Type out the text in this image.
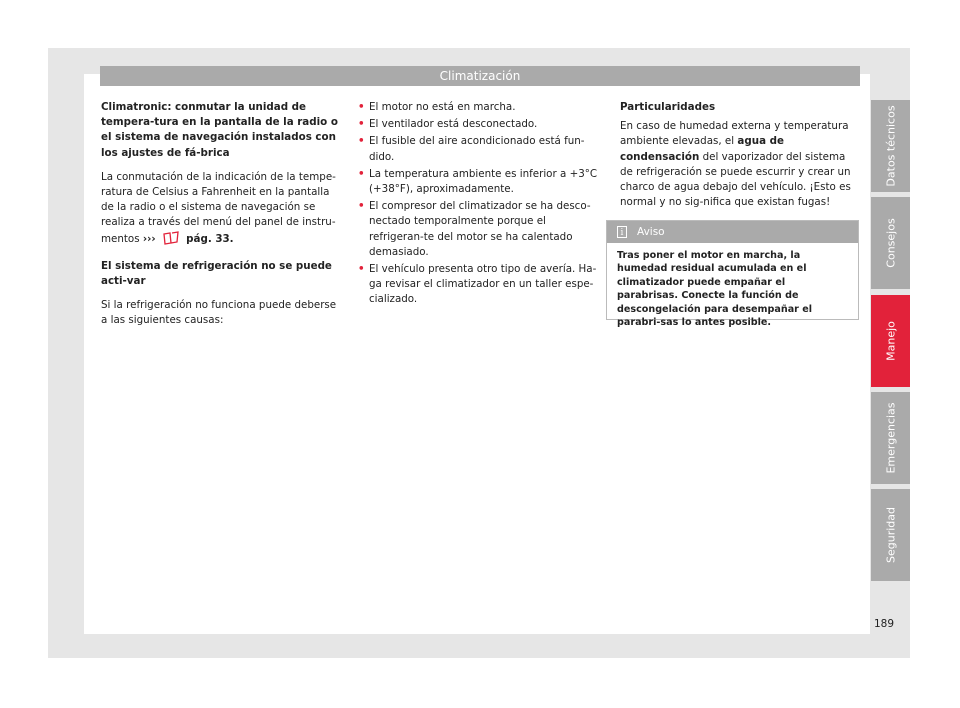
Climatización

Climatronic: conmutar la unidad de tempera-tura en la pantalla de la radio o el sistema de navegación instalados con los ajustes de fá-brica

La conmutación de la indicación de la tempe-ratura de Celsius a Fahrenheit en la pantalla de la radio o el sistema de navegación se realiza a través del menú del panel de instru-mentos ›››	pág. 33.

El sistema de refrigeración no se puede acti-var

Si la refrigeración no funciona puede deberse a las siguientes causas:

• El motor no está en marcha.
• El ventilador está desconectado.
• El fusible del aire acondicionado está fun-dido.
• La temperatura ambiente es inferior a +3°C (+38°F), aproximadamente.
• El compresor del climatizador se ha desco-nectado temporalmente porque el refrigeran-te del motor se ha calentado demasiado.
• El vehículo presenta otro tipo de avería. Ha-ga revisar el climatizador en un taller espe-cializado.

Particularidades
En caso de humedad externa y temperatura ambiente elevadas, el agua de condensación del vaporizador del sistema de refrigeración se puede escurrir y crear un charco de agua debajo del vehículo. ¡Esto es normal y no sig-nifica que existan fugas!

i
Aviso
Tras poner el motor en marcha, la humedad residual acumulada en el climatizador puede empañar el parabrisas. Conecte la función de descongelación para desempañar el parabri-sas lo antes posible.
Datos técnicos
Consejos
Manejo
Emergencias
Seguridad
189
